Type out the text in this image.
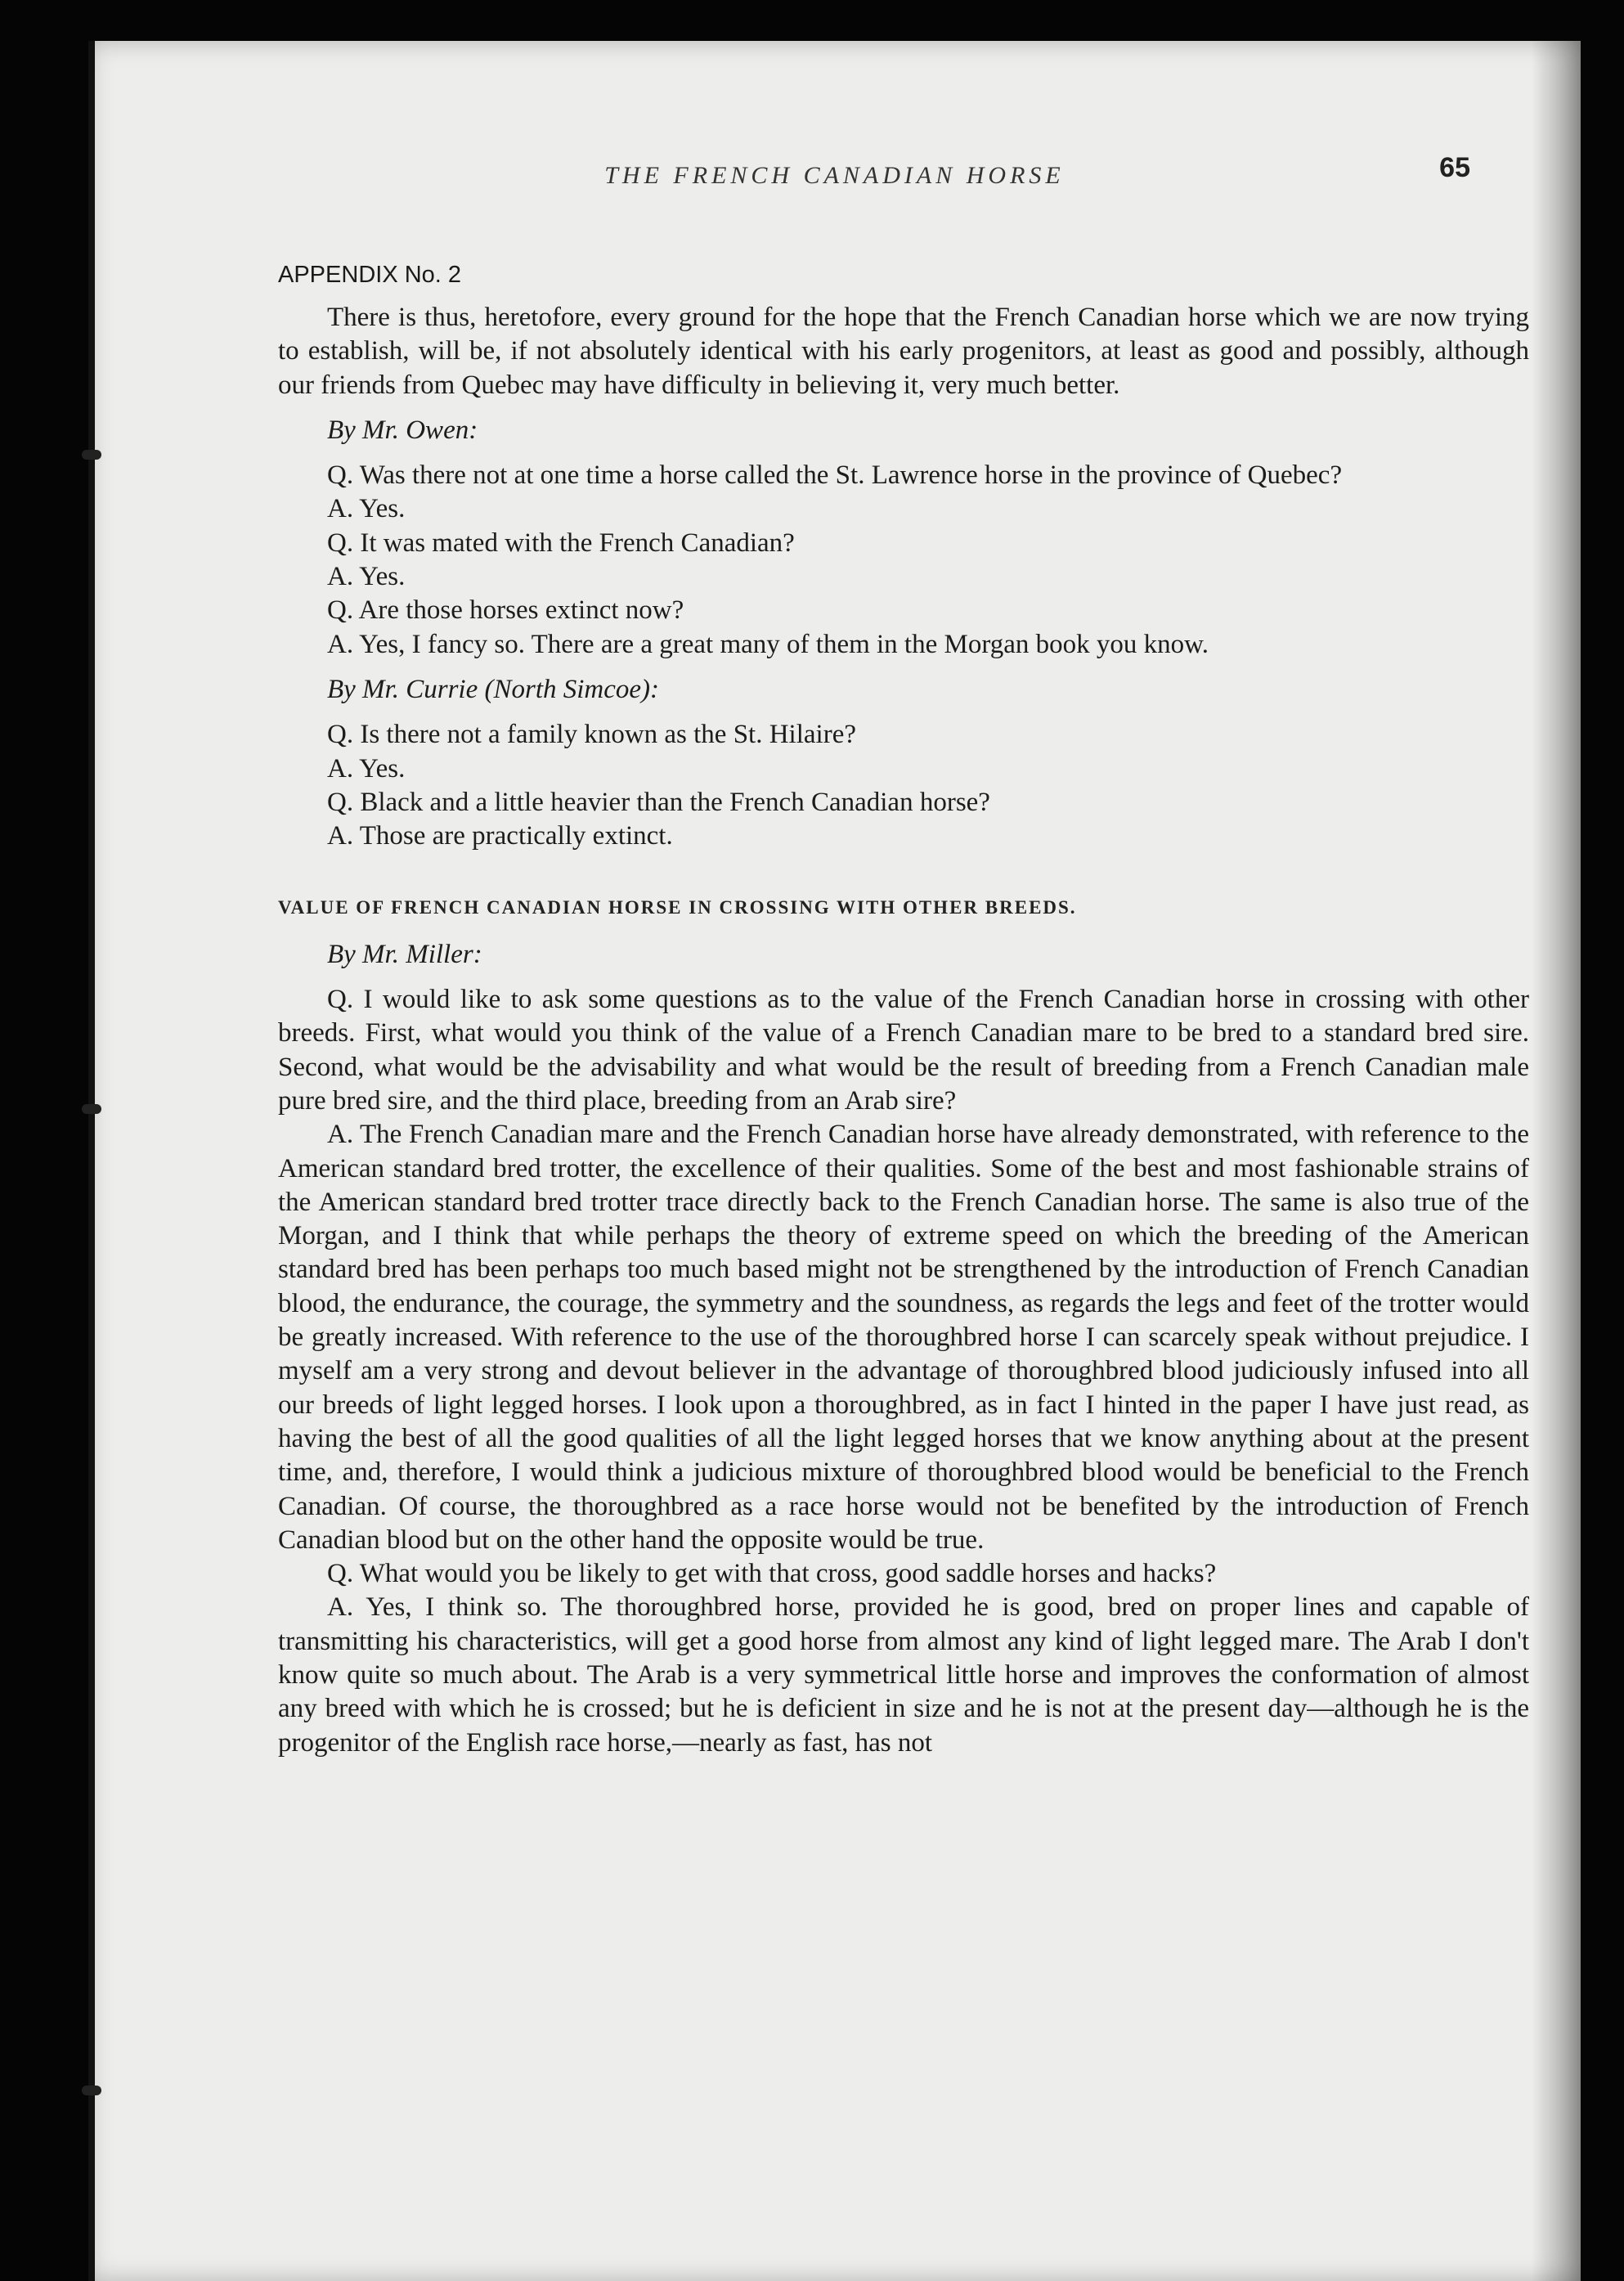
THE FRENCH CANADIAN HORSE	65
APPENDIX No. 2

There is thus, heretofore, every ground for the hope that the French Canadian horse which we are now trying to establish, will be, if not absolutely identical with his early progenitors, at least as good and possibly, although our friends from Quebec may have difficulty in believing it, very much better.

By Mr. Owen:

Q. Was there not at one time a horse called the St. Lawrence horse in the province of Quebec?

A. Yes.

Q. It was mated with the French Canadian?

A. Yes.

Q. Are those horses extinct now?

A. Yes, I fancy so. There are a great many of them in the Morgan book you know.

By Mr. Currie (North Simcoe):

Q. Is there not a family known as the St. Hilaire?

A. Yes.

Q. Black and a little heavier than the French Canadian horse?

A. Those are practically extinct.

VALUE OF FRENCH CANADIAN HORSE IN CROSSING WITH OTHER BREEDS.

By Mr. Miller:

Q. I would like to ask some questions as to the value of the French Canadian horse in crossing with other breeds. First, what would you think of the value of a French Canadian mare to be bred to a standard bred sire. Second, what would be the advisability and what would be the result of breeding from a French Canadian male pure bred sire, and the third place, breeding from an Arab sire?

A. The French Canadian mare and the French Canadian horse have already demonstrated, with reference to the American standard bred trotter, the excellence of their qualities. Some of the best and most fashionable strains of the American standard bred trotter trace directly back to the French Canadian horse. The same is also true of the Morgan, and I think that while perhaps the theory of extreme speed on which the breeding of the American standard bred has been perhaps too much based might not be strengthened by the introduction of French Canadian blood, the endurance, the courage, the symmetry and the soundness, as regards the legs and feet of the trotter would be greatly increased. With reference to the use of the thoroughbred horse I can scarcely speak without prejudice. I myself am a very strong and devout believer in the advantage of thoroughbred blood judiciously infused into all our breeds of light legged horses. I look upon a thoroughbred, as in fact I hinted in the paper I have just read, as having the best of all the good qualities of all the light legged horses that we know anything about at the present time, and, therefore, I would think a judicious mixture of thoroughbred blood would be beneficial to the French Canadian. Of course, the thoroughbred as a race horse would not be benefited by the introduction of French Canadian blood but on the other hand the opposite would be true.

Q. What would you be likely to get with that cross, good saddle horses and hacks?

A. Yes, I think so. The thoroughbred horse, provided he is good, bred on proper lines and capable of transmitting his characteristics, will get a good horse from almost any kind of light legged mare. The Arab I don't know quite so much about. The Arab is a very symmetrical little horse and improves the conformation of almost any breed with which he is crossed; but he is deficient in size and he is not at the present day—although he is the progenitor of the English race horse,—nearly as fast, has not
